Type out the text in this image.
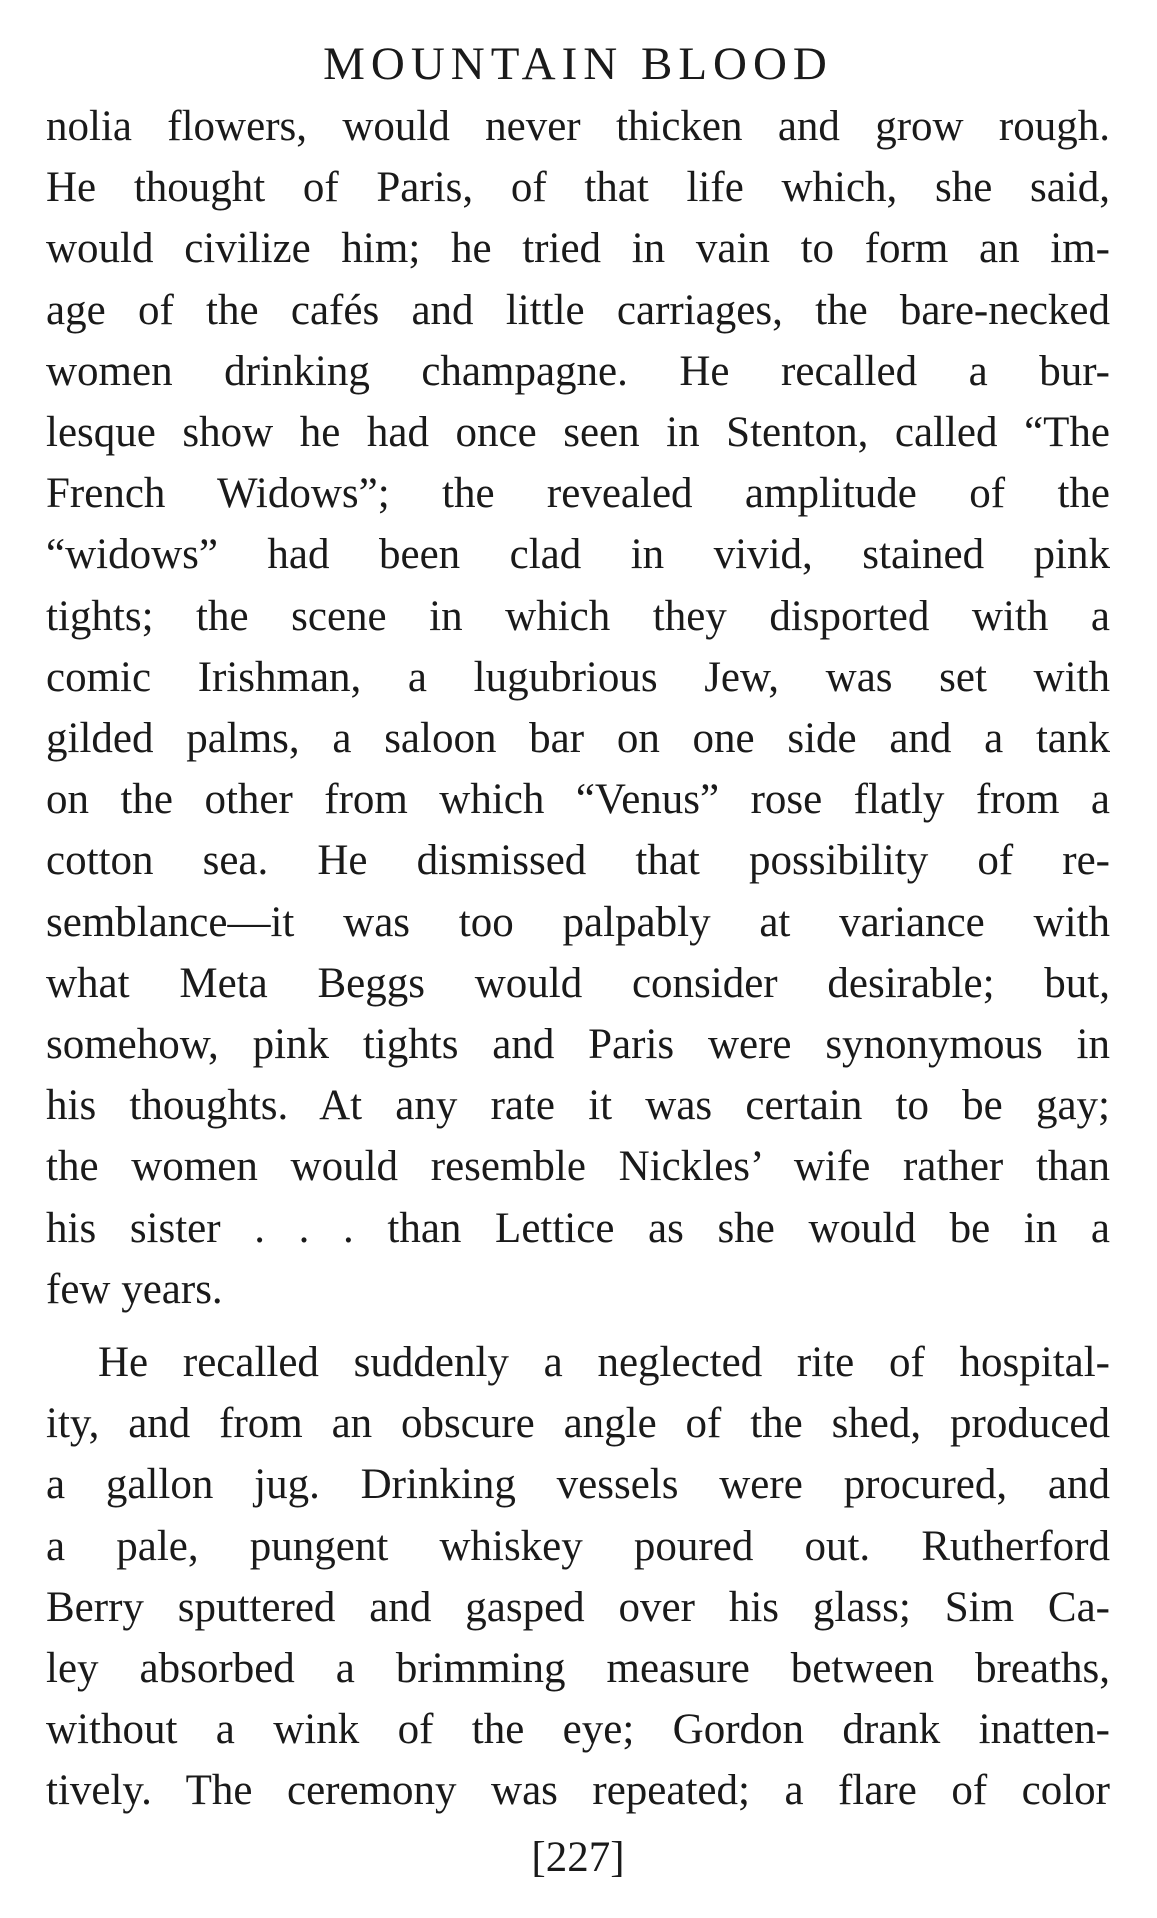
MOUNTAIN BLOOD
nolia flowers, would never thicken and grow rough.
He thought of Paris, of that life which, she said,
would civilize him; he tried in vain to form an im-
age of the cafés and little carriages, the bare-necked
women drinking champagne. He recalled a bur-
lesque show he had once seen in Stenton, called “The
French Widows”; the revealed amplitude of the
“widows” had been clad in vivid, stained pink
tights; the scene in which they disported with a
comic Irishman, a lugubrious Jew, was set with
gilded palms, a saloon bar on one side and a tank
on the other from which “Venus” rose flatly from a
cotton sea. He dismissed that possibility of re-
semblance—it was too palpably at variance with
what Meta Beggs would consider desirable; but,
somehow, pink tights and Paris were synonymous in
his thoughts. At any rate it was certain to be gay;
the women would resemble Nickles’ wife rather than
his sister . . . than Lettice as she would be in a
few years.
He recalled suddenly a neglected rite of hospital-
ity, and from an obscure angle of the shed, produced
a gallon jug. Drinking vessels were procured, and
a pale, pungent whiskey poured out. Rutherford
Berry sputtered and gasped over his glass; Sim Ca-
ley absorbed a brimming measure between breaths,
without a wink of the eye; Gordon drank inatten-
tively. The ceremony was repeated; a flare of color
[227]
